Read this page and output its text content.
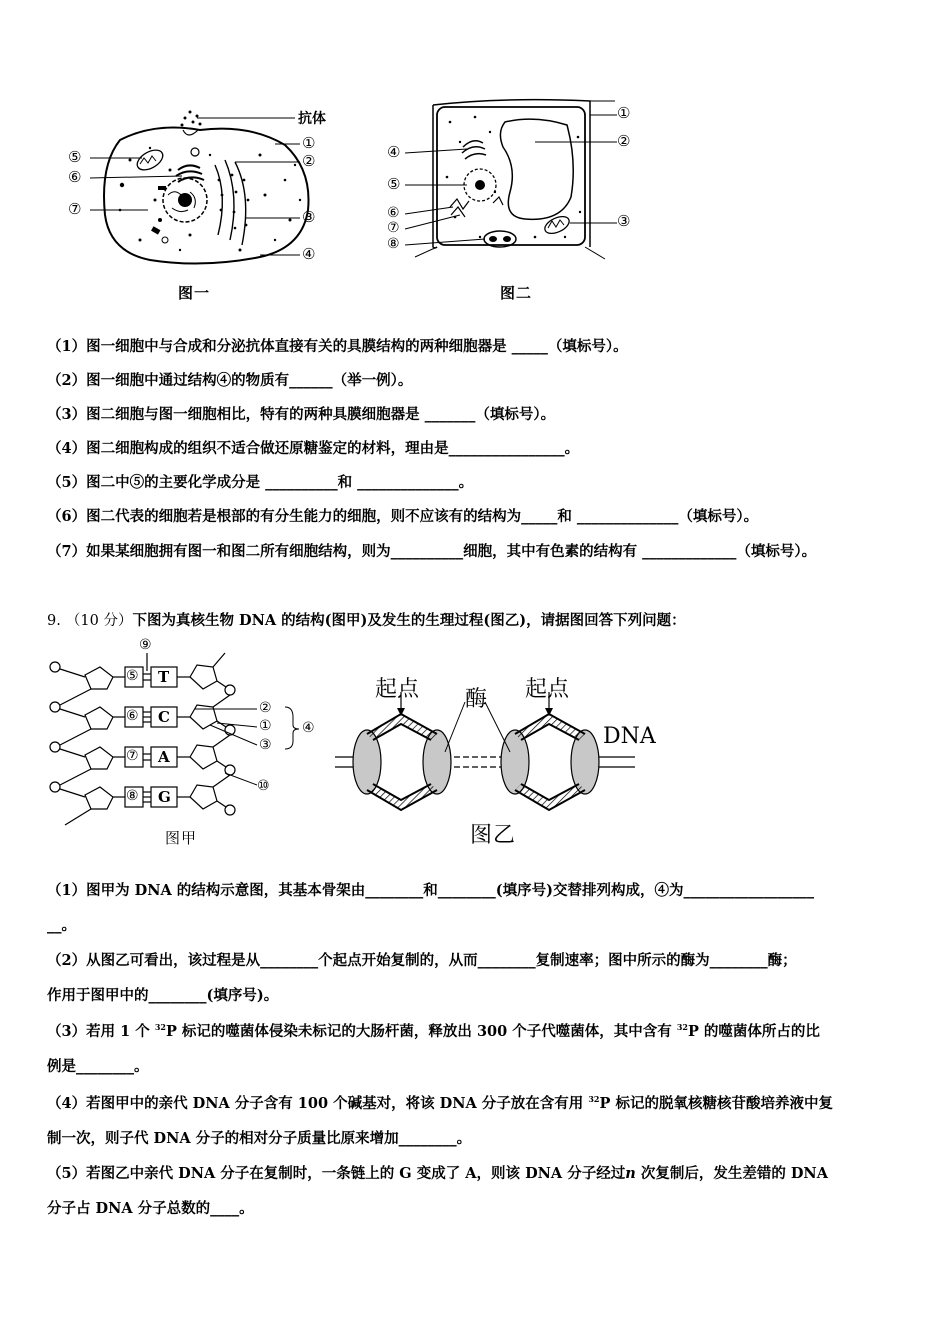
抗体
①
②
③
④
⑤
⑥
⑦
图一
①
②
③
④
⑤
⑥
⑦
⑧
图二
（1）图一细胞中与合成和分泌抗体直接有关的具膜结构的两种细胞器是 _____（填标号）。
（2）图一细胞中通过结构④的物质有______（举一例）。
（3）图二细胞与图一细胞相比，特有的两种具膜细胞器是 _______（填标号）。
（4）图二细胞构成的组织不适合做还原糖鉴定的材料，理由是________________。
（5）图二中⑤的主要化学成分是 __________和 ______________。
（6）图二代表的细胞若是根部的有分生能力的细胞，则不应该有的结构为_____和 ______________（填标号）。
（7）如果某细胞拥有图一和图二所有细胞结构，则为__________细胞，其中有色素的结构有 _____________（填标号）。
9. （10 分）下图为真核生物 DNA 的结构(图甲)及发生的生理过程(图乙)，请据图回答下列问题：
⑤
⑥
⑦
⑧
T
C
A
G
⑨
②
①
③
④
⑩
图甲
起点 酶 起点
DNA
图乙
（1）图甲为 DNA 的结构示意图，其基本骨架由________和________(填序号)交替排列构成，④为__________________
__。
（2）从图乙可看出，该过程是从________个起点开始复制的，从而________复制速率；图中所示的酶为________酶；
作用于图甲中的________(填序号)。
（3）若用 1 个 $^{32}$P 标记的噬菌体侵染未标记的大肠杆菌，释放出 300 个子代噬菌体，其中含有 $^{32}$P 的噬菌体所占的比
例是________。
（4）若图甲中的亲代 DNA 分子含有 100 个碱基对，将该 DNA 分子放在含有用 $^{32}$P 标记的脱氧核糖核苷酸培养液中复
制一次，则子代 DNA 分子的相对分子质量比原来增加________。
（5）若图乙中亲代 DNA 分子在复制时，一条链上的 G 变成了 A，则该 DNA 分子经过n 次复制后，发生差错的 DNA
分子占 DNA 分子总数的____。
